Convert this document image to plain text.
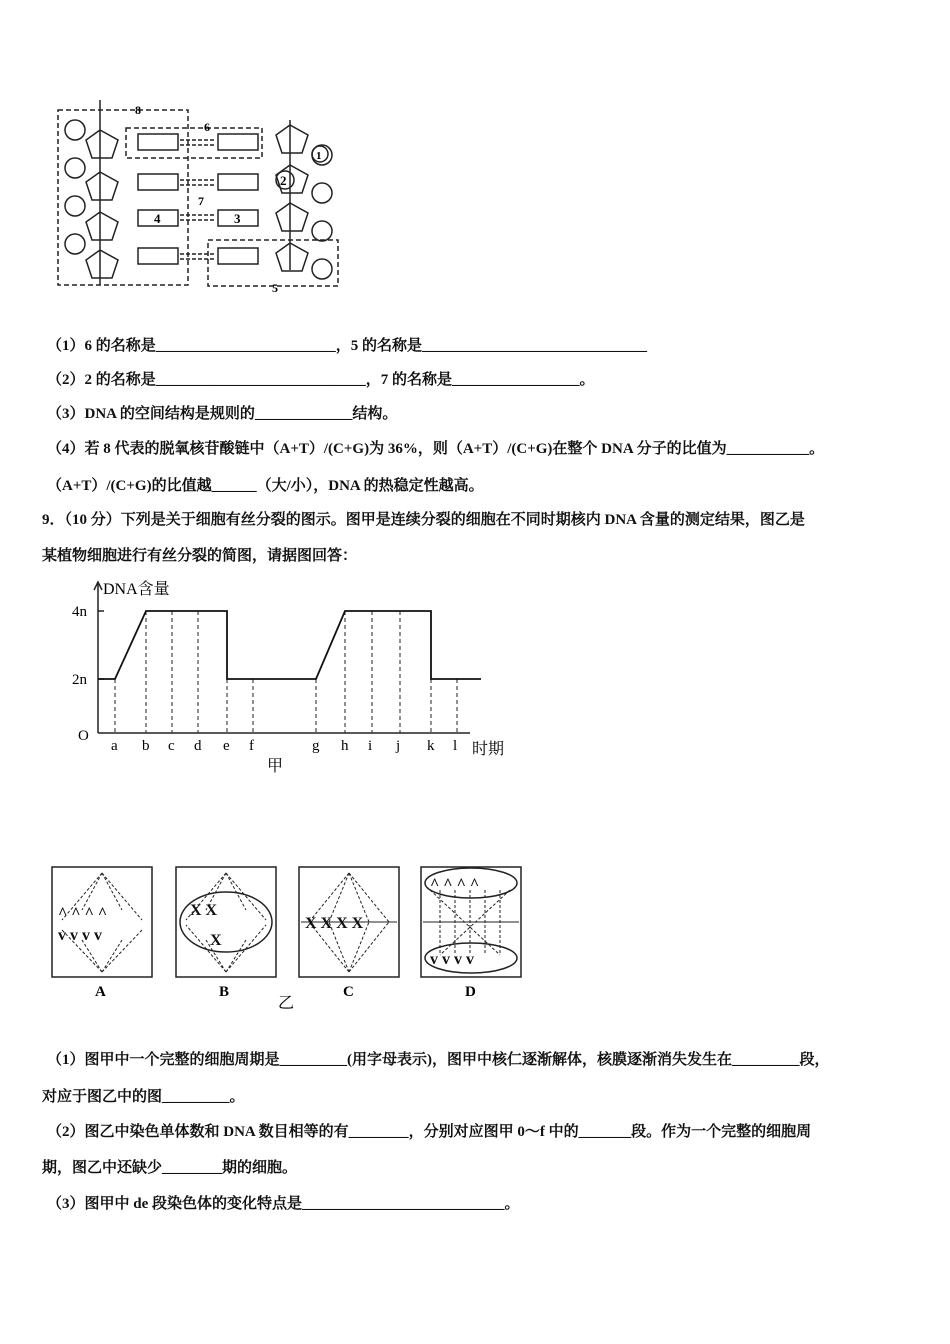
8
6
7
4	3
2
1
5
（1）6 的名称是________________________，5 的名称是______________________________
（2）2 的名称是____________________________，7 的名称是_________________。
（3）DNA 的空间结构是规则的_____________结构。
（4）若 8 代表的脱氧核苷酸链中（A+T）/(C+G)为 36%，则（A+T）/(C+G)在整个 DNA 分子的比值为___________。
（A+T）/(C+G)的比值越______（大/小），DNA 的热稳定性越高。
9．（10 分）下列是关于细胞有丝分裂的图示。图甲是连续分裂的细胞在不同时期核内 DNA 含量的测定结果，图乙是
某植物细胞进行有丝分裂的简图，请据图回答：
a b c d e f	g h i j k l
DNA含量
4n
2n
O
时期
甲
^ ^ ^ ^
v v v v
X X
X
X X X X
^ ^ ^ ^
v v v v
A	B	C	D
乙
（1）图甲中一个完整的细胞周期是_________(用字母表示)，图甲中核仁逐渐解体，核膜逐渐消失发生在_________段，
对应于图乙中的图_________。
（2）图乙中染色单体数和 DNA 数目相等的有________，分别对应图甲 0～f 中的_______段。作为一个完整的细胞周
期，图乙中还缺少________期的细胞。
（3）图甲中 de 段染色体的变化特点是___________________________。
